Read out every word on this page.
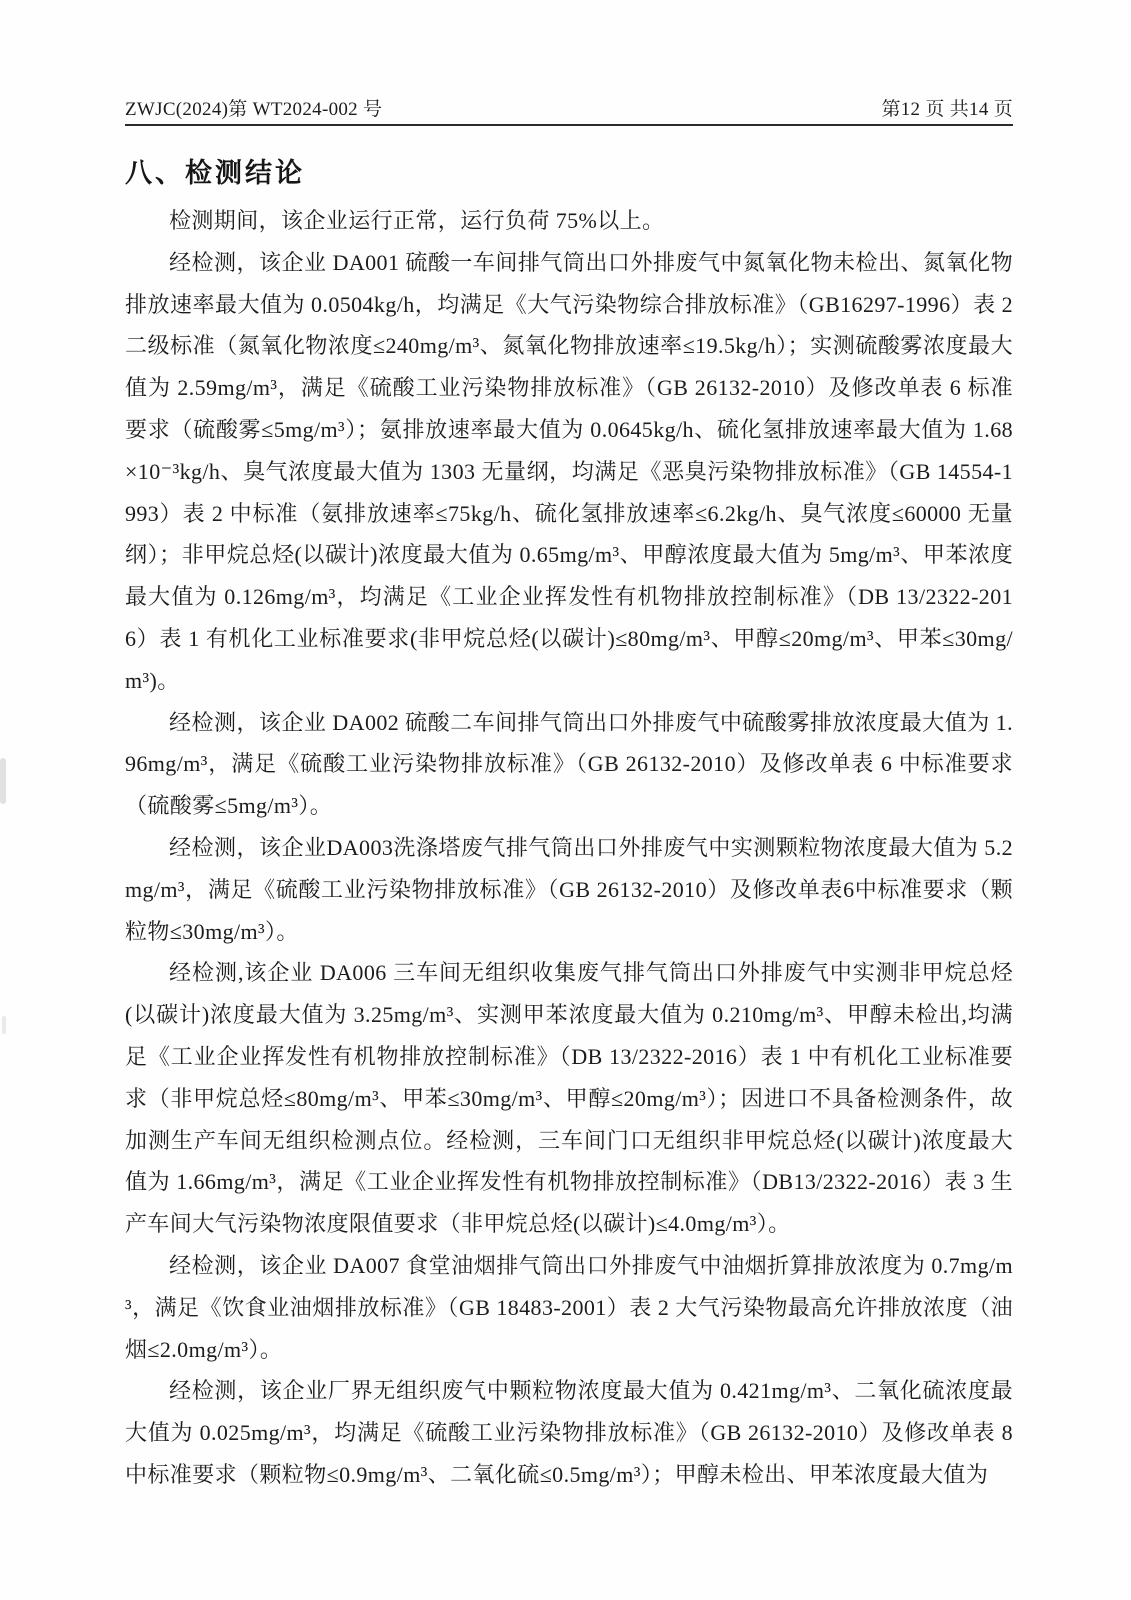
ZWJC(2024)第 WT2024-002 号	第12 页 共14 页
八、检测结论

检测期间，该企业运行正常，运行负荷 75%以上。

经检测，该企业 DA001 硫酸一车间排气筒出口外排废气中氮氧化物未检出、氮氧化物排放速率最大值为 0.0504kg/h，均满足《大气污染物综合排放标准》（GB16297-1996）表 2 二级标准（氮氧化物浓度≤240mg/m³、氮氧化物排放速率≤19.5kg/h）；实测硫酸雾浓度最大值为 2.59mg/m³，满足《硫酸工业污染物排放标准》（GB 26132-2010）及修改单表 6 标准要求（硫酸雾≤5mg/m³）；氨排放速率最大值为 0.0645kg/h、硫化氢排放速率最大值为 1.68×10⁻³kg/h、臭气浓度最大值为 1303 无量纲，均满足《恶臭污染物排放标准》（GB 14554-1993）表 2 中标准（氨排放速率≤75kg/h、硫化氢排放速率≤6.2kg/h、臭气浓度≤60000 无量纲）；非甲烷总烃(以碳计)浓度最大值为 0.65mg/m³、甲醇浓度最大值为 5mg/m³、甲苯浓度最大值为 0.126mg/m³，均满足《工业企业挥发性有机物排放控制标准》（DB 13/2322-2016）表 1 有机化工业标准要求(非甲烷总烃(以碳计)≤80mg/m³、甲醇≤20mg/m³、甲苯≤30mg/m³)。

经检测，该企业 DA002 硫酸二车间排气筒出口外排废气中硫酸雾排放浓度最大值为 1.96mg/m³，满足《硫酸工业污染物排放标准》（GB 26132-2010）及修改单表 6 中标准要求（硫酸雾≤5mg/m³）。

经检测，该企业DA003洗涤塔废气排气筒出口外排废气中实测颗粒物浓度最大值为 5.2mg/m³，满足《硫酸工业污染物排放标准》（GB 26132-2010）及修改单表6中标准要求（颗粒物≤30mg/m³）。

经检测,该企业 DA006 三车间无组织收集废气排气筒出口外排废气中实测非甲烷总烃(以碳计)浓度最大值为 3.25mg/m³、实测甲苯浓度最大值为 0.210mg/m³、甲醇未检出,均满足《工业企业挥发性有机物排放控制标准》（DB 13/2322-2016）表 1 中有机化工业标准要求（非甲烷总烃≤80mg/m³、甲苯≤30mg/m³、甲醇≤20mg/m³）；因进口不具备检测条件，故加测生产车间无组织检测点位。经检测，三车间门口无组织非甲烷总烃(以碳计)浓度最大值为 1.66mg/m³，满足《工业企业挥发性有机物排放控制标准》（DB13/2322-2016）表 3 生产车间大气污染物浓度限值要求（非甲烷总烃(以碳计)≤4.0mg/m³）。

经检测，该企业 DA007 食堂油烟排气筒出口外排废气中油烟折算排放浓度为 0.7mg/m³，满足《饮食业油烟排放标准》（GB 18483-2001）表 2 大气污染物最高允许排放浓度（油烟≤2.0mg/m³）。

经检测，该企业厂界无组织废气中颗粒物浓度最大值为 0.421mg/m³、二氧化硫浓度最大值为 0.025mg/m³，均满足《硫酸工业污染物排放标准》（GB 26132-2010）及修改单表 8 中标准要求（颗粒物≤0.9mg/m³、二氧化硫≤0.5mg/m³）；甲醇未检出、甲苯浓度最大值为
